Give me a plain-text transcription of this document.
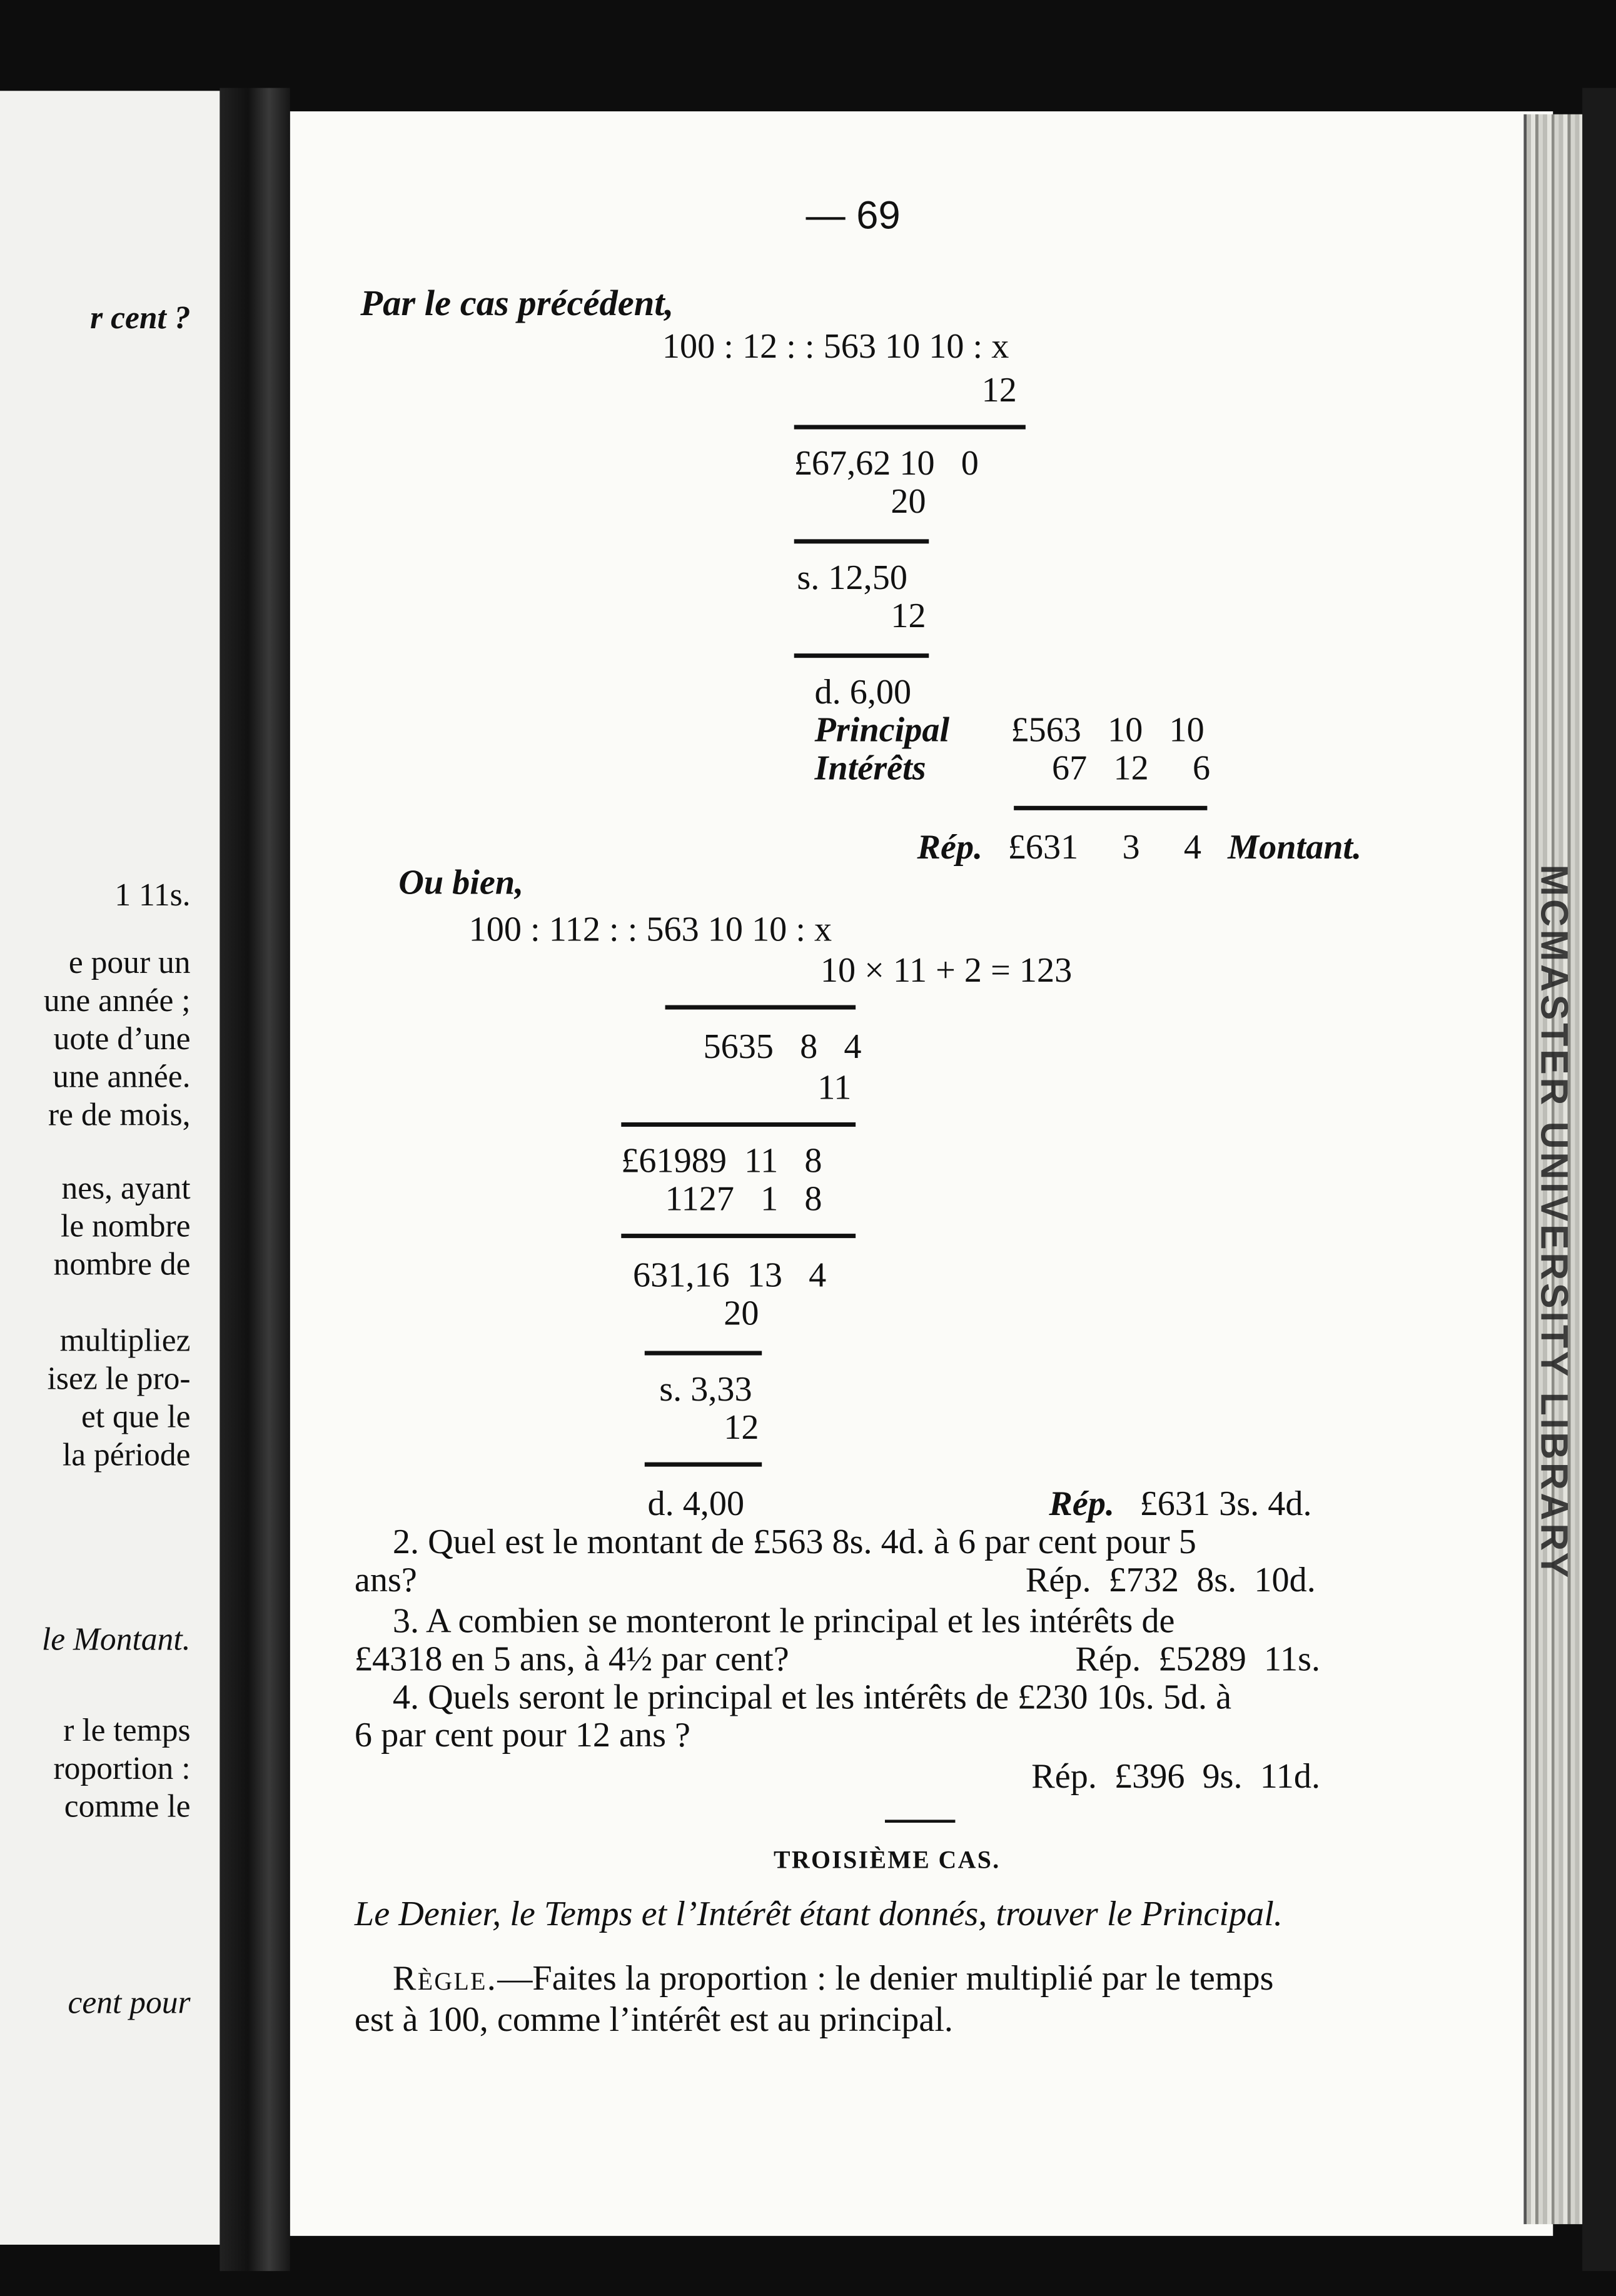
r cent ?
1 11s.
e pour un
une année ;
uote d’une
une année.
re de mois,
nes, ayant
le nombre
nombre de
multipliez
isez le pro-
et que le
la période
le Montant.
r le temps
roportion :
comme le
cent pour
— 69
Par le cas précédent,
100 : 12 : : 563 10 10 : x
12
£67,62 10   0
20
s. 12,50
12
d. 6,00
Principal	£563   10   10
Intérêts	67   12     6
Rép. £631     3     4 Montant.
Ou bien,
100 : 112 : : 563 10 10 : x
10 × 11 + 2 = 123
5635   8   4
11
£61989  11   8
1127   1   8
631,16  13   4
20
s. 3,33
12
d. 4,00	Rép. £631 3s. 4d.
2. Quel est le montant de £563 8s. 4d. à 6 par cent pour 5
ans?	Rép.  £732  8s.  10d.
3. A combien se monteront le principal et les intérêts de
£4318 en 5 ans, à 4½ par cent?	Rép.  £5289  11s.
4. Quels seront le principal et les intérêts de £230 10s. 5d. à
6 par cent pour 12 ans ?
Rép.  £396  9s.  11d.
TROISIÈME CAS.
Le Denier, le Temps et l’Intérêt étant donnés, trouver le Principal.
Règle.—Faites la proportion : le denier multiplié par le temps
est à 100, comme l’intérêt est au principal.
MCMASTER UNIVERSITY LIBRARY
